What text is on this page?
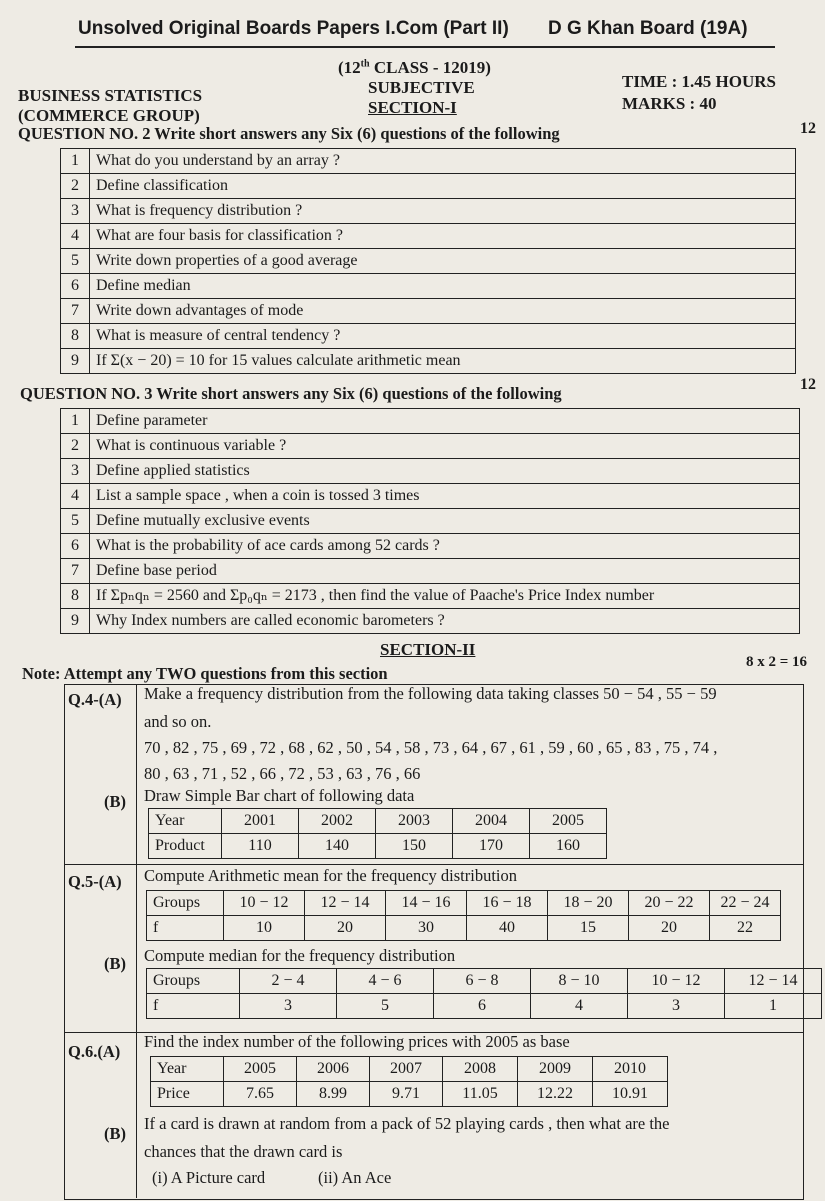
Unsolved Original Boards Papers I.Com (Part II) D G Khan Board (19A)
(12th CLASS - 12019)
BUSINESS STATISTICS
(COMMERCE GROUP)
SUBJECTIVE
SECTION-I
TIME : 1.45 HOURS
MARKS : 40
QUESTION NO. 2 Write short answers any Six (6) questions of the following	12
1	What do you understand by an array ?
2	Define classification
3	What is frequency distribution ?
4	What are four basis for classification ?
5	Write down properties of a good average
6	Define median
7	Write down advantages of mode
8	What is measure of central tendency ?
9	If Σ(x − 20) = 10 for 15 values calculate arithmetic mean
QUESTION NO. 3 Write short answers any Six (6) questions of the following	12
1	Define parameter
2	What is continuous variable ?
3	Define applied statistics
4	List a sample space , when a coin is tossed 3 times
5	Define mutually exclusive events
6	What is the probability of ace cards among 52 cards ?
7	Define base period
8	If Σpₙqₙ = 2560 and Σp₀qₙ = 2173 , then find the value of Paache's Price Index number
9	Why Index numbers are called economic barometers ?
SECTION-II
Note: Attempt any TWO questions from this section
8 x 2 = 16
Q.4-(A) Make a frequency distribution from the following data taking classes 50 − 54 , 55 − 59
and so on.
70 , 82 , 75 , 69 , 72 , 68 , 62 , 50 , 54 , 58 , 73 , 64 , 67 , 61 , 59 , 60 , 65 , 83 , 75 , 74 ,
80 , 63 , 71 , 52 , 66 , 72 , 53 , 63 , 76 , 66
(B) Draw Simple Bar chart of following data
Year	2001	2002	2003	2004	2005
Product	110	140	150	170	160
Q.5-(A) Compute Arithmetic mean for the frequency distribution
Groups	10 − 12	12 − 14	14 − 16	16 − 18	18 − 20	20 − 22	22 − 24
f	10	20	30	40	15	20	22
(B) Compute median for the frequency distribution
Groups	2 − 4	4 − 6	6 − 8	8 − 10	10 − 12	12 − 14
f	3	5	6	4	3	1
Q.6.(A)
Find the index number of the following prices with 2005 as base
Year	2005	2006	2007	2008	2009	2010
Price	7.65	8.99	9.71	11.05	12.22	10.91
(B)
If a card is drawn at random from a pack of 52 playing cards , then what are the
chances that the drawn card is
(i) A Picture card	(ii) An Ace
